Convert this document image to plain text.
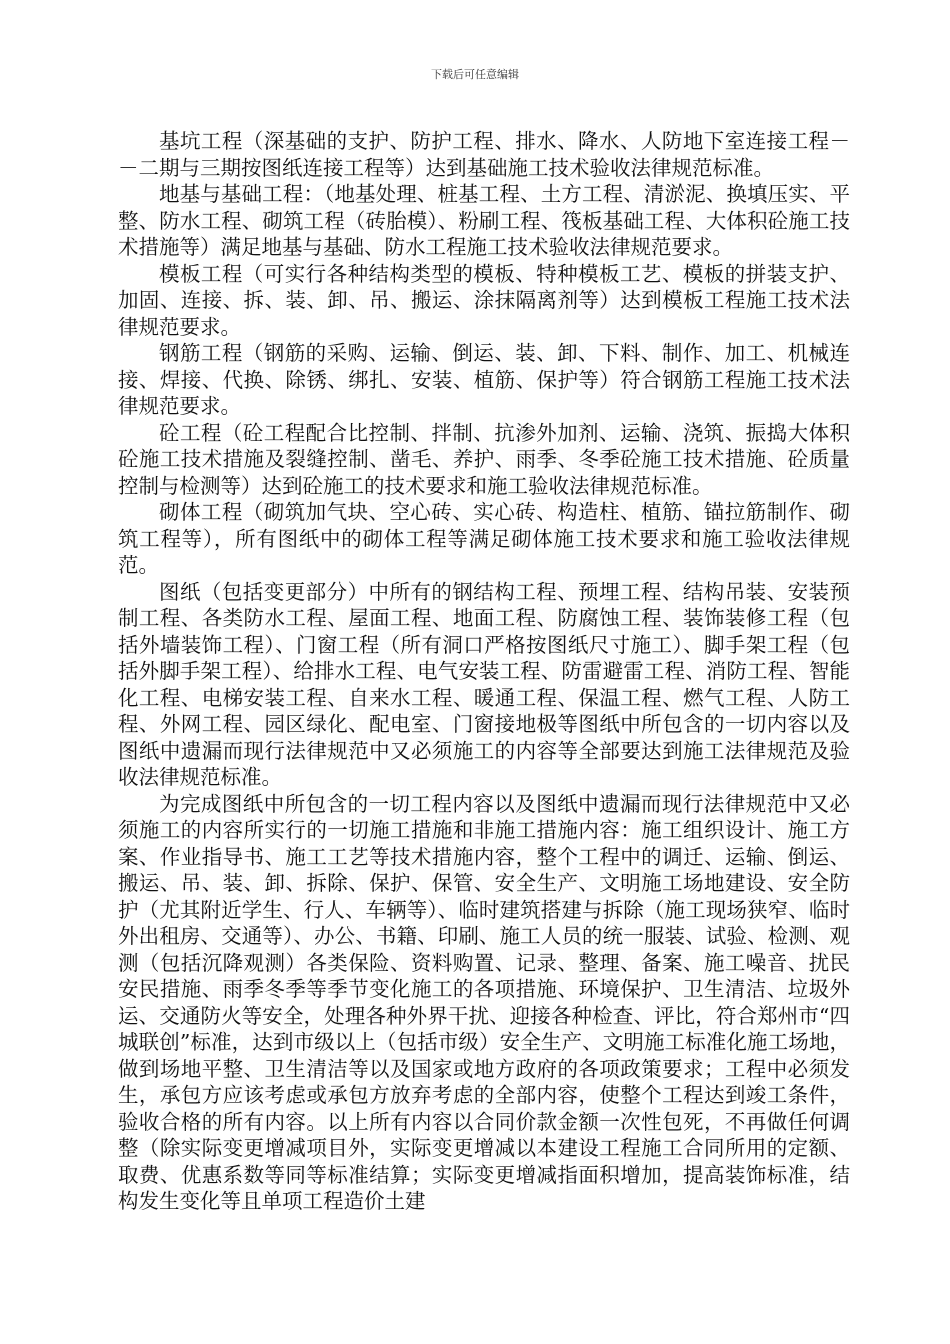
下载后可任意编辑

基坑工程（深基础的支护、防护工程、排水、降水、人防地下室连接工程－－二期与三期按图纸连接工程等）达到基础施工技术验收法律规范标准。

地基与基础工程：（地基处理、桩基工程、土方工程、清淤泥、换填压实、平整、防水工程、砌筑工程（砖胎模）、粉刷工程、筏板基础工程、大体积砼施工技术措施等）满足地基与基础、防水工程施工技术验收法律规范要求。

模板工程（可实行各种结构类型的模板、特种模板工艺、模板的拼装支护、加固、连接、拆、装、卸、吊、搬运、涂抹隔离剂等）达到模板工程施工技术法律规范要求。

钢筋工程（钢筋的采购、运输、倒运、装、卸、下料、制作、加工、机械连接、焊接、代换、除锈、绑扎、安装、植筋、保护等）符合钢筋工程施工技术法律规范要求。

砼工程（砼工程配合比控制、拌制、抗渗外加剂、运输、浇筑、振捣大体积砼施工技术措施及裂缝控制、凿毛、养护、雨季、冬季砼施工技术措施、砼质量控制与检测等）达到砼施工的技术要求和施工验收法律规范标准。

砌体工程（砌筑加气块、空心砖、实心砖、构造柱、植筋、锚拉筋制作、砌筑工程等），所有图纸中的砌体工程等满足砌体施工技术要求和施工验收法律规范。

图纸（包括变更部分）中所有的钢结构工程、预埋工程、结构吊装、安装预制工程、各类防水工程、屋面工程、地面工程、防腐蚀工程、装饰装修工程（包括外墙装饰工程）、门窗工程（所有洞口严格按图纸尺寸施工）、脚手架工程（包括外脚手架工程）、给排水工程、电气安装工程、防雷避雷工程、消防工程、智能化工程、电梯安装工程、自来水工程、暖通工程、保温工程、燃气工程、人防工程、外网工程、园区绿化、配电室、门窗接地极等图纸中所包含的一切内容以及图纸中遗漏而现行法律规范中又必须施工的内容等全部要达到施工法律规范及验收法律规范标准。

为完成图纸中所包含的一切工程内容以及图纸中遗漏而现行法律规范中又必须施工的内容所实行的一切施工措施和非施工措施内容：施工组织设计、施工方案、作业指导书、施工工艺等技术措施内容，整个工程中的调迁、运输、倒运、搬运、吊、装、卸、拆除、保护、保管、安全生产、文明施工场地建设、安全防护（尤其附近学生、行人、车辆等）、临时建筑搭建与拆除（施工现场狭窄、临时外出租房、交通等）、办公、书籍、印刷、施工人员的统一服装、试验、检测、观测（包括沉降观测）各类保险、资料购置、记录、整理、备案、施工噪音、扰民安民措施、雨季冬季等季节变化施工的各项措施、环境保护、卫生清洁、垃圾外运、交通防火等安全，处理各种外界干扰、迎接各种检查、评比，符合郑州市“四城联创”标准，达到市级以上（包括市级）安全生产、文明施工标准化施工场地，做到场地平整、卫生清洁等以及国家或地方政府的各项政策要求；工程中必须发生，承包方应该考虑或承包方放弃考虑的全部内容，使整个工程达到竣工条件，验收合格的所有内容。以上所有内容以合同价款金额一次性包死，不再做任何调整（除实际变更增减项目外，实际变更增减以本建设工程施工合同所用的定额、取费、优惠系数等同等标准结算；实际变更增减指面积增加，提高装饰标准，结构发生变化等且单项工程造价土建
